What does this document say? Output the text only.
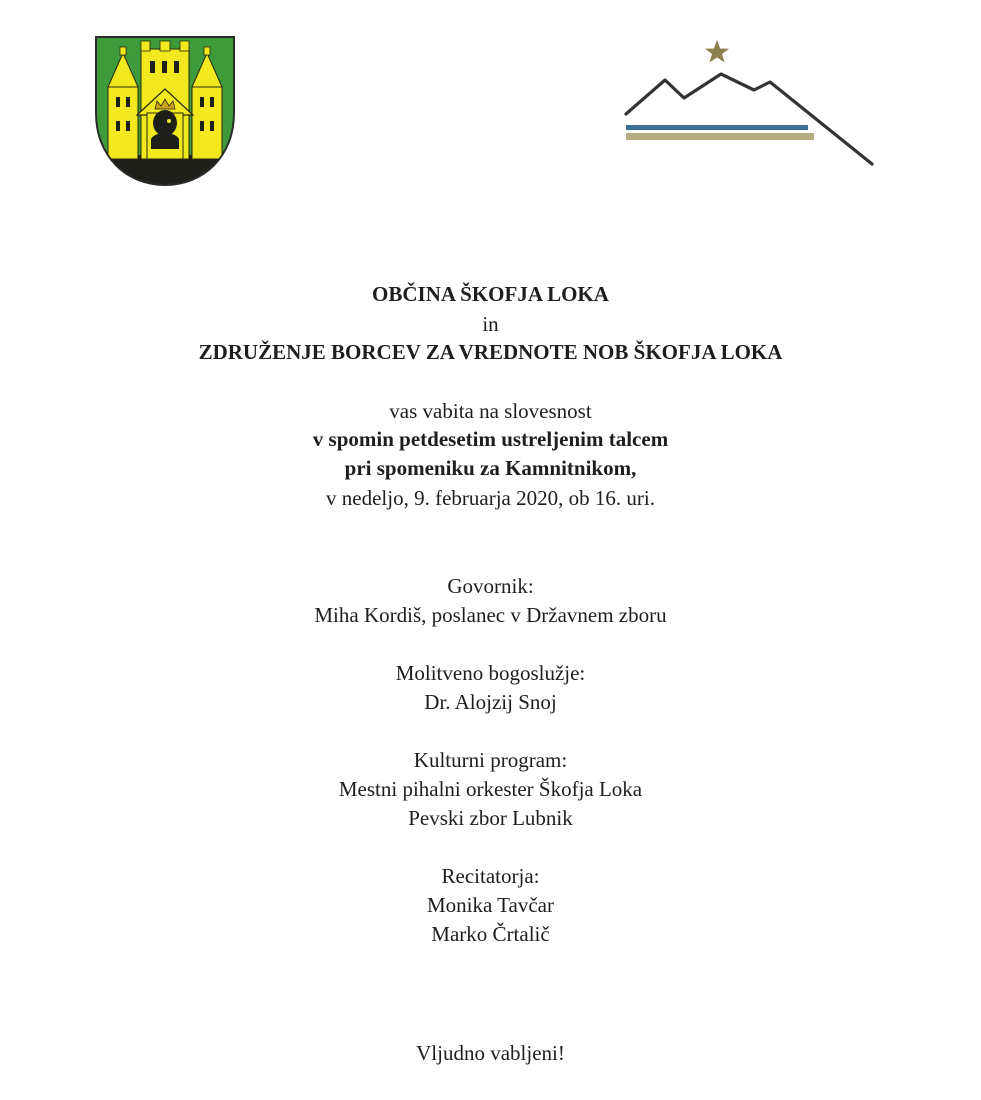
OBČINA ŠKOFJA LOKA
in
ZDRUŽENJE BORCEV ZA VREDNOTE NOB ŠKOFJA LOKA
vas vabita na slovesnost
v spomin petdesetim ustreljenim talcem
pri spomeniku za Kamnitnikom,
v nedeljo, 9. februarja 2020, ob 16. uri.
Govornik:
Miha Kordiš, poslanec v Državnem zboru
Molitveno bogoslužje:
Dr. Alojzij Snoj
Kulturni program:
Mestni pihalni orkester Škofja Loka
Pevski zbor Lubnik
Recitatorja:
Monika Tavčar
Marko Črtalič
Vljudno vabljeni!
